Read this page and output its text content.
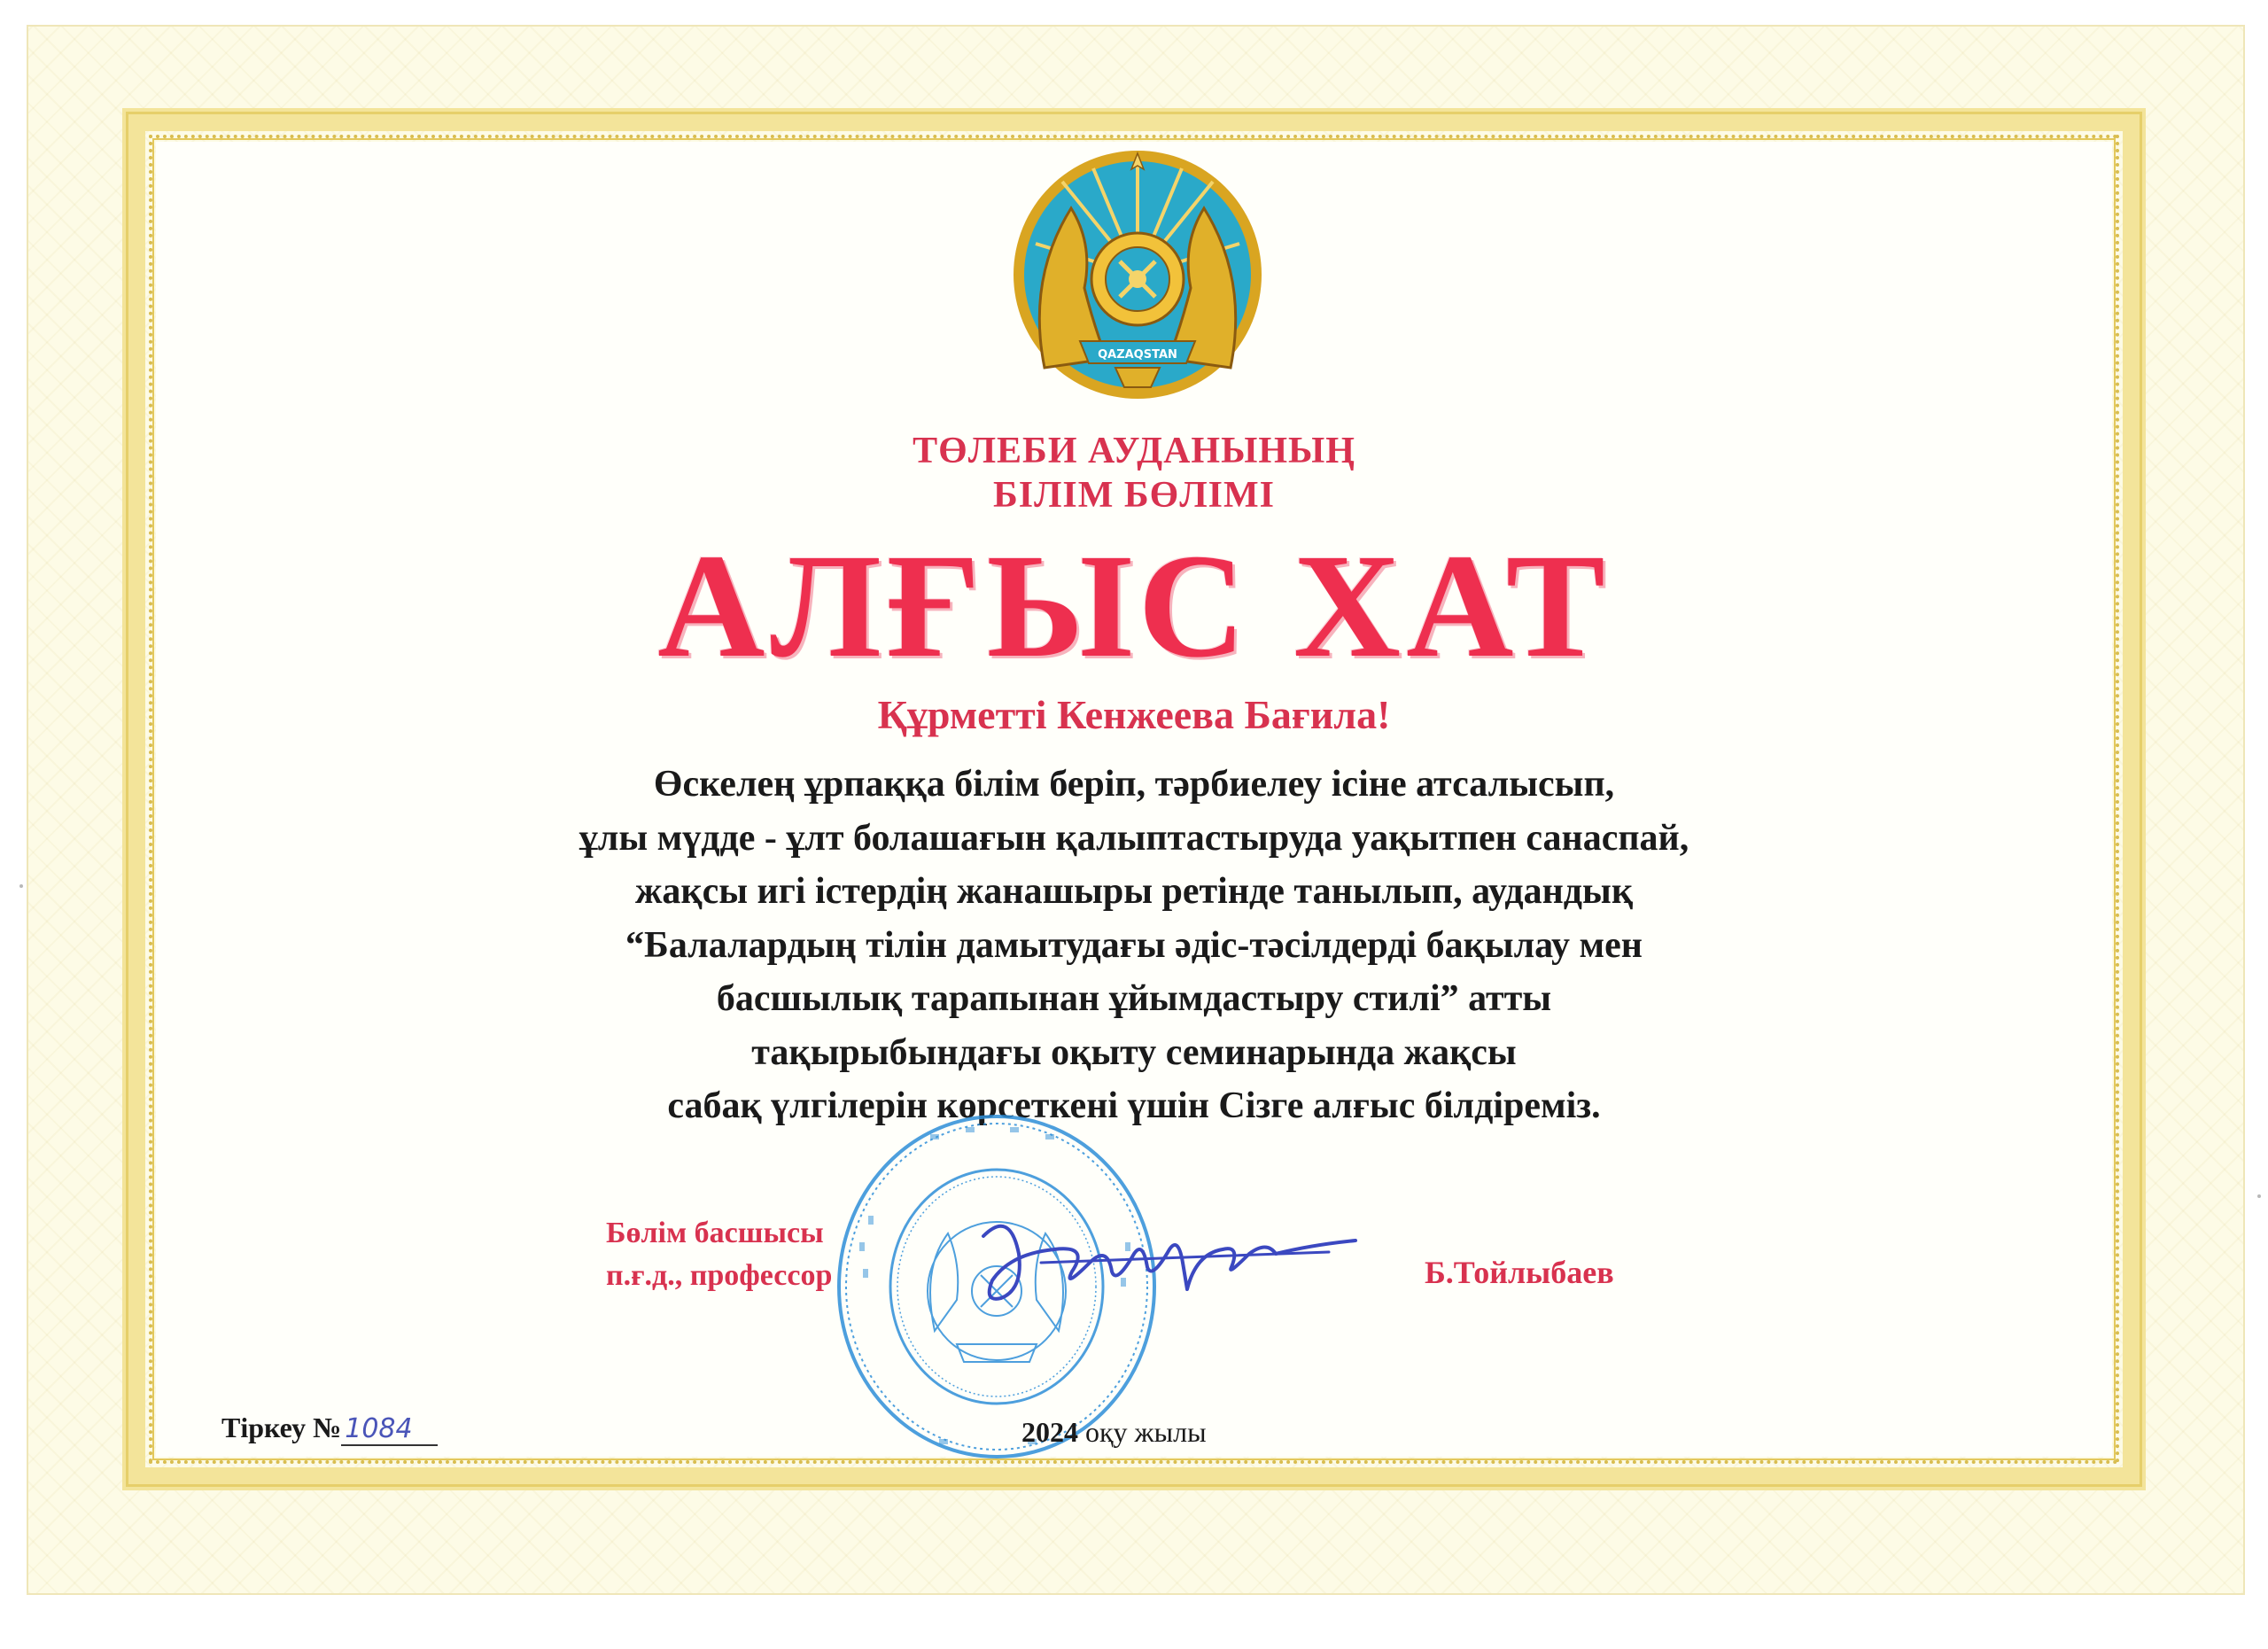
QAZAQSTAN
ТӨЛЕБИ АУДАНЫНЫҢ
БІЛІМ БӨЛІМІ
АЛҒЫС ХАТ
Құрметті Кенжеева Бағила!
Өскелең ұрпаққа білім беріп, тәрбиелеу ісіне атсалысып,
ұлы мүдде - ұлт болашағын қалыптастыруда уақытпен санаспай,
жақсы игі істердің жанашыры ретінде танылып, аудандық
“Балалардың тілін дамытудағы әдіс-тәсілдерді бақылау мен
басшылық тарапынан ұйымдастыру стилі” атты
тақырыбындағы оқыту семинарында жақсы
сабақ үлгілерін көрсеткені үшін Сізге алғыс білдіреміз.
Бөлім басшысы
п.ғ.д., профессор	Б.Тойлыбаев
Тіркеу № 1084	2024 оқу жылы
